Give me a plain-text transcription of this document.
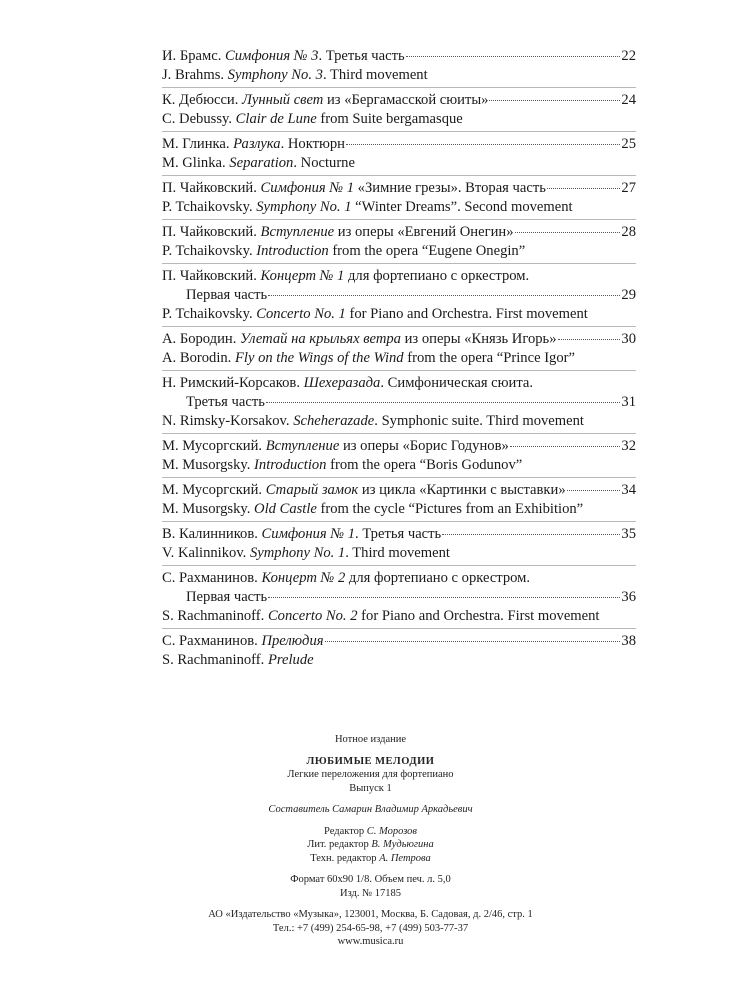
И. Брамс. Симфония № 3. Третья часть	22
J. Brahms. Symphony No. 3. Third movement
К. Дебюсси. Лунный свет из «Бергамасской сюиты»	24
C. Debussy. Clair de Lune from Suite bergamasque
М. Глинка. Разлука. Ноктюрн	25
M. Glinka. Separation. Nocturne
П. Чайковский. Симфония № 1 «Зимние грезы». Вторая часть	27
P. Tchaikovsky. Symphony No. 1 “Winter Dreams”. Second movement
П. Чайковский. Вступление из оперы «Евгений Онегин»	28
P. Tchaikovsky. Introduction from the opera “Eugene Onegin”
П. Чайковский. Концерт № 1 для фортепиано с оркестром.
Первая часть	29
P. Tchaikovsky. Concerto No. 1 for Piano and Orchestra. First movement
А. Бородин. Улетай на крыльях ветра из оперы «Князь Игорь»	30
A. Borodin. Fly on the Wings of the Wind from the opera “Prince Igor”
Н. Римский-Корсаков. Шехеразада. Симфоническая сюита.
Третья часть	31
N. Rimsky-Korsakov. Scheherazade. Symphonic suite. Third movement
М. Мусоргский. Вступление из оперы «Борис Годунов»	32
M. Musorgsky. Introduction from the opera “Boris Godunov”
М. Мусоргский. Старый замок из цикла «Картинки с выставки»	34
M. Musorgsky. Old Castle from the cycle “Pictures from an Exhibition”
В. Калинников. Симфония № 1. Третья часть	35
V. Kalinnikov. Symphony No. 1. Third movement
С. Рахманинов. Концерт № 2 для фортепиано с оркестром.
Первая часть	36
S. Rachmaninoff. Concerto No. 2 for Piano and Orchestra. First movement
С. Рахманинов. Прелюдия	38
S. Rachmaninoff. Prelude
Нотное издание
ЛЮБИМЫЕ МЕЛОДИИ
Легкие переложения для фортепиано
Выпуск 1
Составитель Самарин Владимир Аркадьевич
Редактор С. Морозов
Лит. редактор В. Мудьюгина
Техн. редактор А. Петрова
Формат 60х90 1/8. Объем печ. л. 5,0
Изд. № 17185
АО «Издательство «Музыка», 123001, Москва, Б. Садовая, д. 2/46, стр. 1
Тел.: +7 (499) 254-65-98, +7 (499) 503-77-37
www.musica.ru
